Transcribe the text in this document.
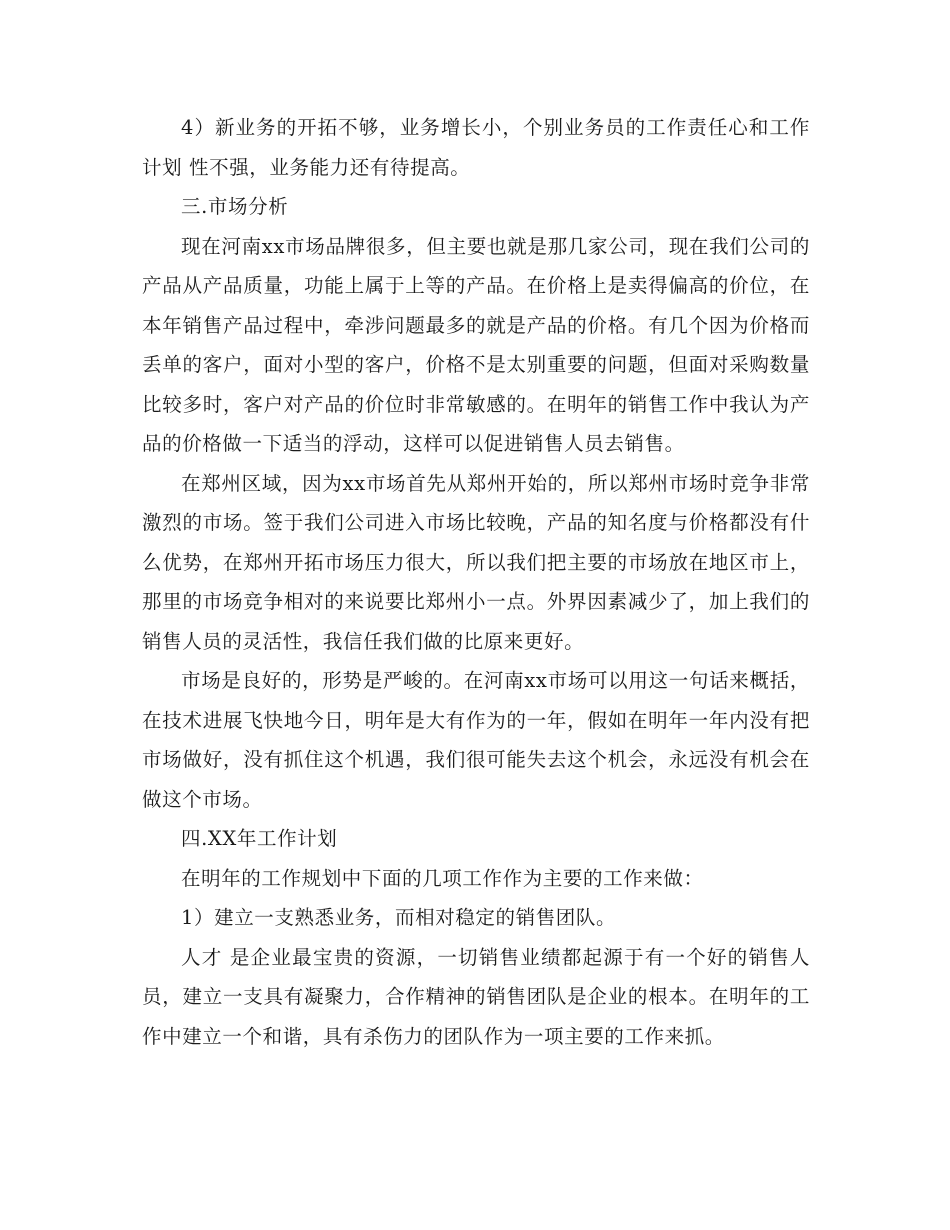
4）新业务的开拓不够，业务增长小，个别业务员的工作责任心和工作计划 性不强，业务能力还有待提高。

三.市场分析

现在河南xx市场品牌很多，但主要也就是那几家公司，现在我们公司的产品从产品质量，功能上属于上等的产品。在价格上是卖得偏高的价位，在本年销售产品过程中，牵涉问题最多的就是产品的价格。有几个因为价格而丢单的客户，面对小型的客户，价格不是太别重要的问题，但面对采购数量比较多时，客户对产品的价位时非常敏感的。在明年的销售工作中我认为产品的价格做一下适当的浮动，这样可以促进销售人员去销售。

在郑州区域，因为xx市场首先从郑州开始的，所以郑州市场时竞争非常激烈的市场。签于我们公司进入市场比较晚，产品的知名度与价格都没有什么优势，在郑州开拓市场压力很大，所以我们把主要的市场放在地区市上，那里的市场竞争相对的来说要比郑州小一点。外界因素减少了，加上我们的销售人员的灵活性，我信任我们做的比原来更好。

市场是良好的，形势是严峻的。在河南xx市场可以用这一句话来概括，在技术进展飞快地今日，明年是大有作为的一年，假如在明年一年内没有把市场做好，没有抓住这个机遇，我们很可能失去这个机会，永远没有机会在做这个市场。

四.XX年工作计划

在明年的工作规划中下面的几项工作作为主要的工作来做：

1）建立一支熟悉业务，而相对稳定的销售团队。

人才 是企业最宝贵的资源，一切销售业绩都起源于有一个好的销售人员，建立一支具有凝聚力，合作精神的销售团队是企业的根本。在明年的工作中建立一个和谐，具有杀伤力的团队作为一项主要的工作来抓。
